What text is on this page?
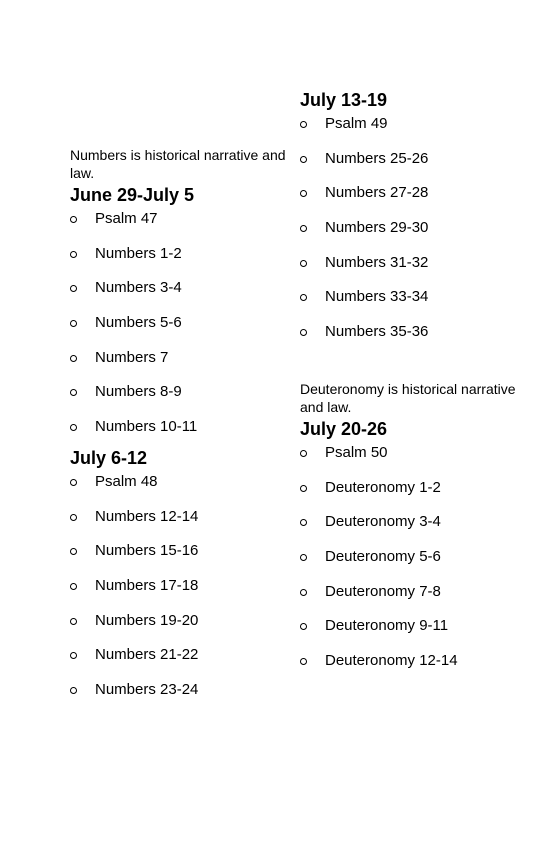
Numbers is historical narrative and law.

June 29-July 5
Psalm 47
Numbers 1-2
Numbers 3-4
Numbers 5-6
Numbers 7
Numbers 8-9
Numbers 10-11
July 6-12
Psalm 48
Numbers 12-14
Numbers 15-16
Numbers 17-18
Numbers 19-20
Numbers 21-22
Numbers 23-24
July 13-19
Psalm 49
Numbers 25-26
Numbers 27-28
Numbers 29-30
Numbers 31-32
Numbers 33-34
Numbers 35-36

Deuteronomy is historical narrative and law.

July 20-26
Psalm 50
Deuteronomy 1-2
Deuteronomy 3-4
Deuteronomy 5-6
Deuteronomy 7-8
Deuteronomy 9-11
Deuteronomy 12-14
